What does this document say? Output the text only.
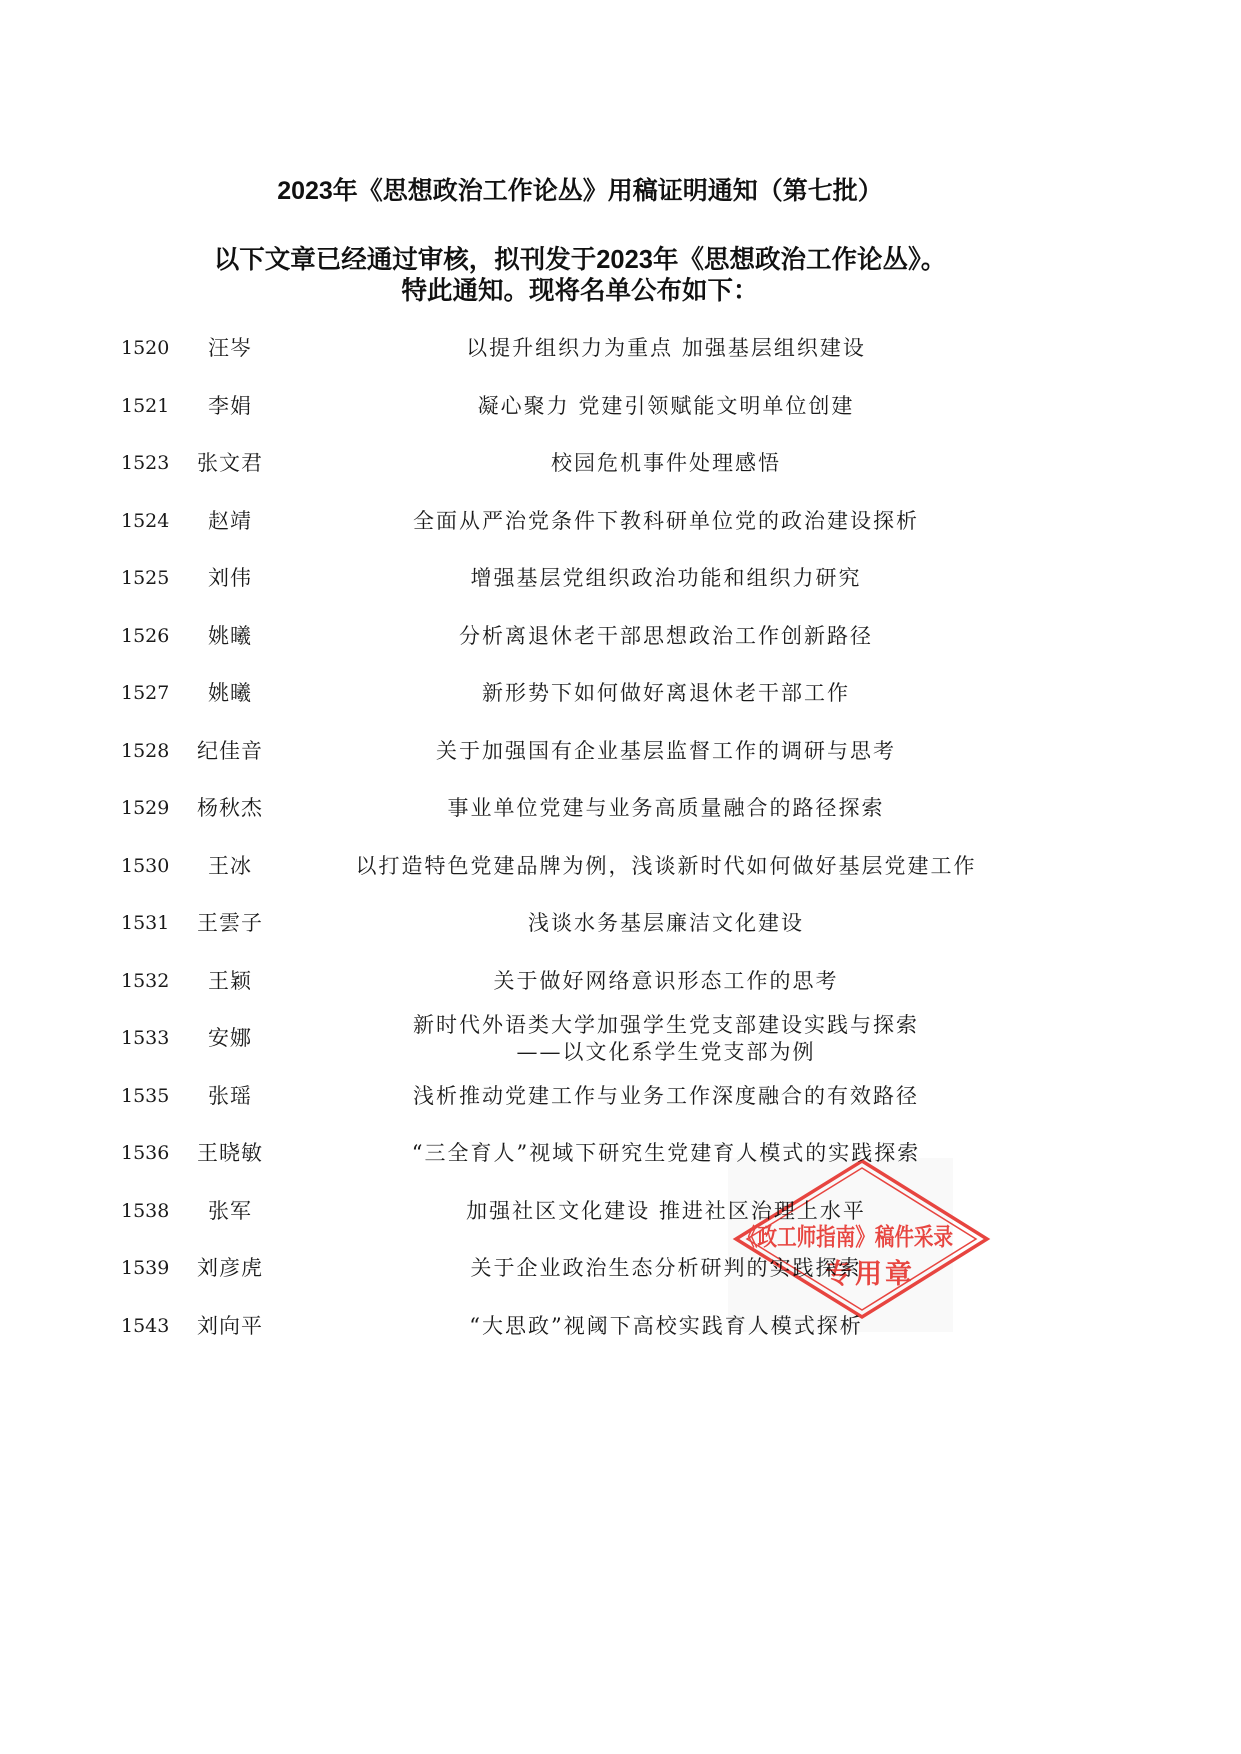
2023年《思想政治工作论丛》用稿证明通知（第七批）
以下文章已经通过审核，拟刊发于2023年《思想政治工作论丛》。
特此通知。现将名单公布如下：
1520	汪岑	以提升组织力为重点 加强基层组织建设
1521	李娟	凝心聚力 党建引领赋能文明单位创建
1523	张文君	校园危机事件处理感悟
1524	赵靖	全面从严治党条件下教科研单位党的政治建设探析
1525	刘伟	增强基层党组织政治功能和组织力研究
1526	姚曦	分析离退休老干部思想政治工作创新路径
1527	姚曦	新形势下如何做好离退休老干部工作
1528	纪佳音	关于加强国有企业基层监督工作的调研与思考
1529	杨秋杰	事业单位党建与业务高质量融合的路径探索
1530	王冰	以打造特色党建品牌为例，浅谈新时代如何做好基层党建工作
1531	王雲子	浅谈水务基层廉洁文化建设
1532	王颖	关于做好网络意识形态工作的思考
1533	安娜
新时代外语类大学加强学生党支部建设实践与探索
——以文化系学生党支部为例
1535	张瑶	浅析推动党建工作与业务工作深度融合的有效路径
1536	王晓敏	“三全育人”视域下研究生党建育人模式的实践探索
1538	张军	加强社区文化建设 推进社区治理上水平
1539	刘彦虎	关于企业政治生态分析研判的实践探索
1543	刘向平	“大思政”视阈下高校实践育人模式探析
《政工师指南》稿件采录
专用章
